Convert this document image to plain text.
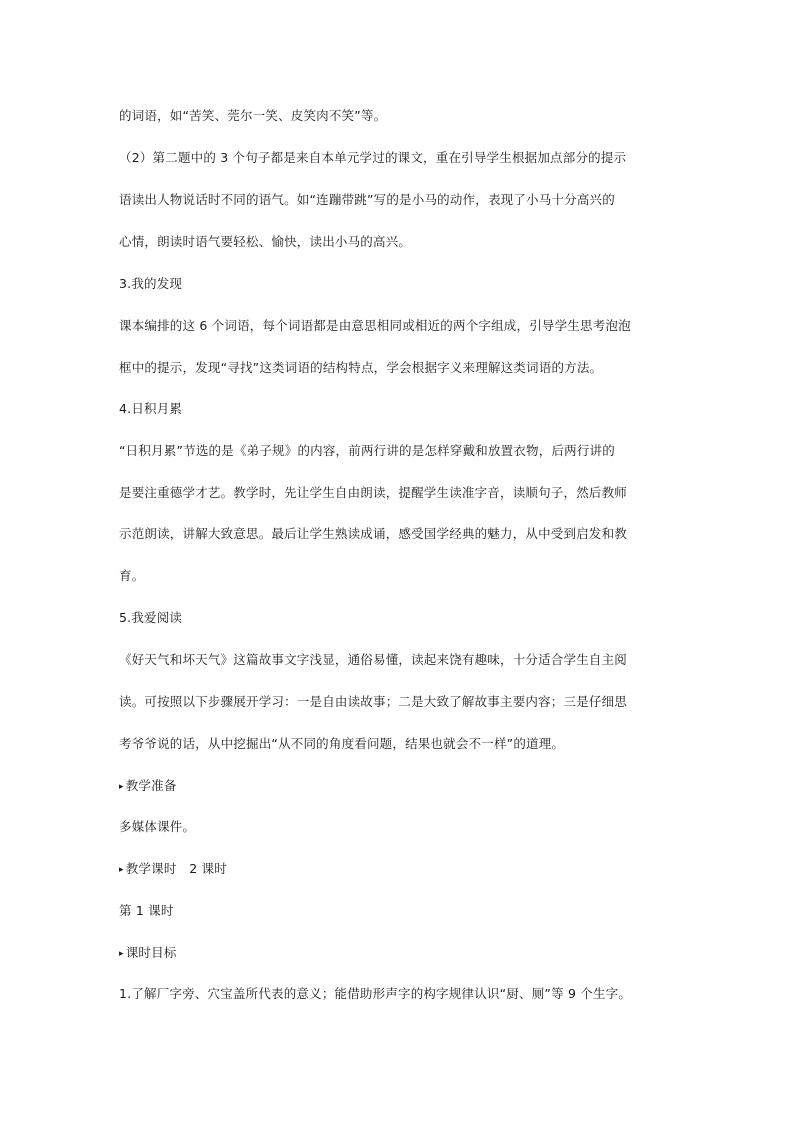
的词语，如“苦笑、莞尔一笑、皮笑肉不笑”等。
（2）第二题中的 3 个句子都是来自本单元学过的课文，重在引导学生根据加点部分的提示
语读出人物说话时不同的语气。如“连蹦带跳”写的是小马的动作，表现了小马十分高兴的
心情，朗读时语气要轻松、愉快，读出小马的高兴。
3.我的发现
课本编排的这 6 个词语，每个词语都是由意思相同或相近的两个字组成，引导学生思考泡泡
框中的提示，发现“寻找”这类词语的结构特点，学会根据字义来理解这类词语的方法。
4.日积月累
“日积月累”节选的是《弟子规》的内容，前两行讲的是怎样穿戴和放置衣物，后两行讲的
是要注重德学才艺。教学时，先让学生自由朗读，提醒学生读准字音，读顺句子，然后教师
示范朗读，讲解大致意思。最后让学生熟读成诵，感受国学经典的魅力，从中受到启发和教
育。
5.我爱阅读
《好天气和坏天气》这篇故事文字浅显，通俗易懂，读起来饶有趣味，十分适合学生自主阅
读。可按照以下步骤展开学习：一是自由读故事；二是大致了解故事主要内容；三是仔细思
考爷爷说的话，从中挖掘出“从不同的角度看问题，结果也就会不一样”的道理。
▸ 教学准备
多媒体课件。
▸ 教学课时　2 课时
第 1 课时
▸ 课时目标
1.了解厂字旁、穴宝盖所代表的意义；能借助形声字的构字规律认识“厨、厕”等 9 个生字。
